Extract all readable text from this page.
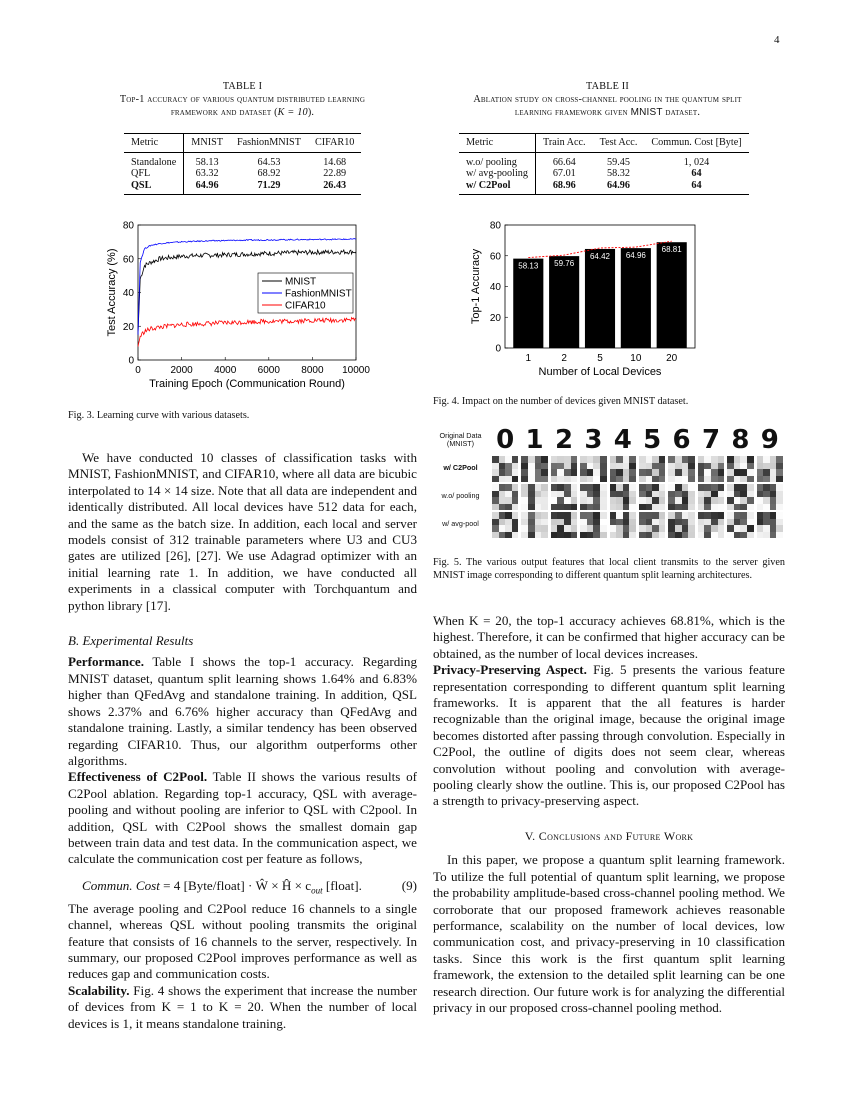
4
TABLE I
Top-1 accuracy of various quantum distributed learning
framework and dataset (K = 10).
Metric	MNIST	FashionMNIST	CIFAR10
Standalone	58.13	64.53	14.68
QFL	63.32	68.92	22.89
QSL	64.96	71.29	26.43
TABLE II
Ablation study on cross-channel pooling in the quantum split
learning framework given MNIST dataset.
Metric	Train Acc.	Test Acc.	Commun. Cost [Byte]
w.o/ pooling	66.64	59.45	1, 024
w/ avg-pooling	67.01	58.32	64
w/ C2Pool	68.96	64.96	64
0
20
40
60
80
0	2000 4000 6000 8000 10000
Training Epoch (Communication Round)
Test Accuracy (%)	MNIST
FashionMNIST
CIFAR10
Fig. 3. Learning curve with various datasets.
0
20
40
60
80
1
58.13
2
59.76
5
64.42
10
64.96
20
68.81
Number of Local Devices
Top-1 Accuracy
Fig. 4. Impact on the number of devices given MNIST dataset.
Original Data (MNIST)
w/ C2Pool
w.o/ pooling
w/ avg-pool
0 1 2 3 4 5 6 7 8 9
Fig. 5. The various output features that local client transmits to the server given MNIST image corresponding to different quantum split learning architectures.

We have conducted 10 classes of classification tasks with MNIST, FashionMNIST, and CIFAR10, where all data are bicubic interpolated to 14 × 14 size. Note that all data are independent and identically distributed. All local devices have 512 data for each, and the same as the batch size. In addition, each local and server models consist of 312 trainable parameters where U3 and CU3 gates are utilized [26], [27]. We use Adagrad optimizer with an initial learning rate 1. In addition, we have conducted all experiments in a classical computer with Torchquantum and python library [17].

B. Experimental Results

Performance. Table I shows the top-1 accuracy. Regarding MNIST dataset, quantum split learning shows 1.64% and 6.83% higher than QFedAvg and standalone training. In addition, QSL shows 2.37% and 6.76% higher accuracy than QFedAvg and standalone training. Lastly, a similar tendency has been observed regarding CIFAR10. Thus, our algorithm outperforms other algorithms.

Effectiveness of C2Pool. Table II shows the various results of C2Pool ablation. Regarding top-1 accuracy, QSL with average-pooling and without pooling are inferior to QSL with C2pool. In addition, QSL with C2Pool shows the smallest domain gap between train data and test data. In the communication aspect, we calculate the communication cost per feature as follows,

Commun. Cost = 4 [Byte/float] · Ŵ × Ĥ × $c_{out}$ [float].	(9)

The average pooling and C2Pool reduce 16 channels to a single channel, whereas QSL without pooling transmits the original feature that consists of 16 channels to the server, respectively. In summary, our proposed C2Pool improves performance as well as reduces gap and communication costs.

Scalability. Fig. 4 shows the experiment that increase the number of devices from K = 1 to K = 20. When the number of local devices is 1, it means standalone training.

When K = 20, the top-1 accuracy achieves 68.81%, which is the highest. Therefore, it can be confirmed that higher accuracy can be obtained, as the number of local devices increases.

Privacy-Preserving Aspect. Fig. 5 presents the various feature representation corresponding to different quantum split learning frameworks. It is apparent that the all features is harder recognizable than the original image, because the original image becomes distorted after passing through convolution. Especially in C2Pool, the outline of digits does not seem clear, whereas convolution without pooling and convolution with average-pooling clearly show the outline. This is, our proposed C2Pool has a strength to privacy-preserving aspect.

V. Conclusions and Future Work

In this paper, we propose a quantum split learning framework. To utilize the full potential of quantum split learning, we propose the probability amplitude-based cross-channel pooling method. We corroborate that our proposed framework achieves reasonable performance, scalability on the number of local devices, low communication cost, and privacy-preserving in 10 classification tasks. Since this work is the first quantum split learning framework, the extension to the detailed split learning can be one research direction. Our future work is for analyzing the differential privacy in our proposed cross-channel pooling method.
